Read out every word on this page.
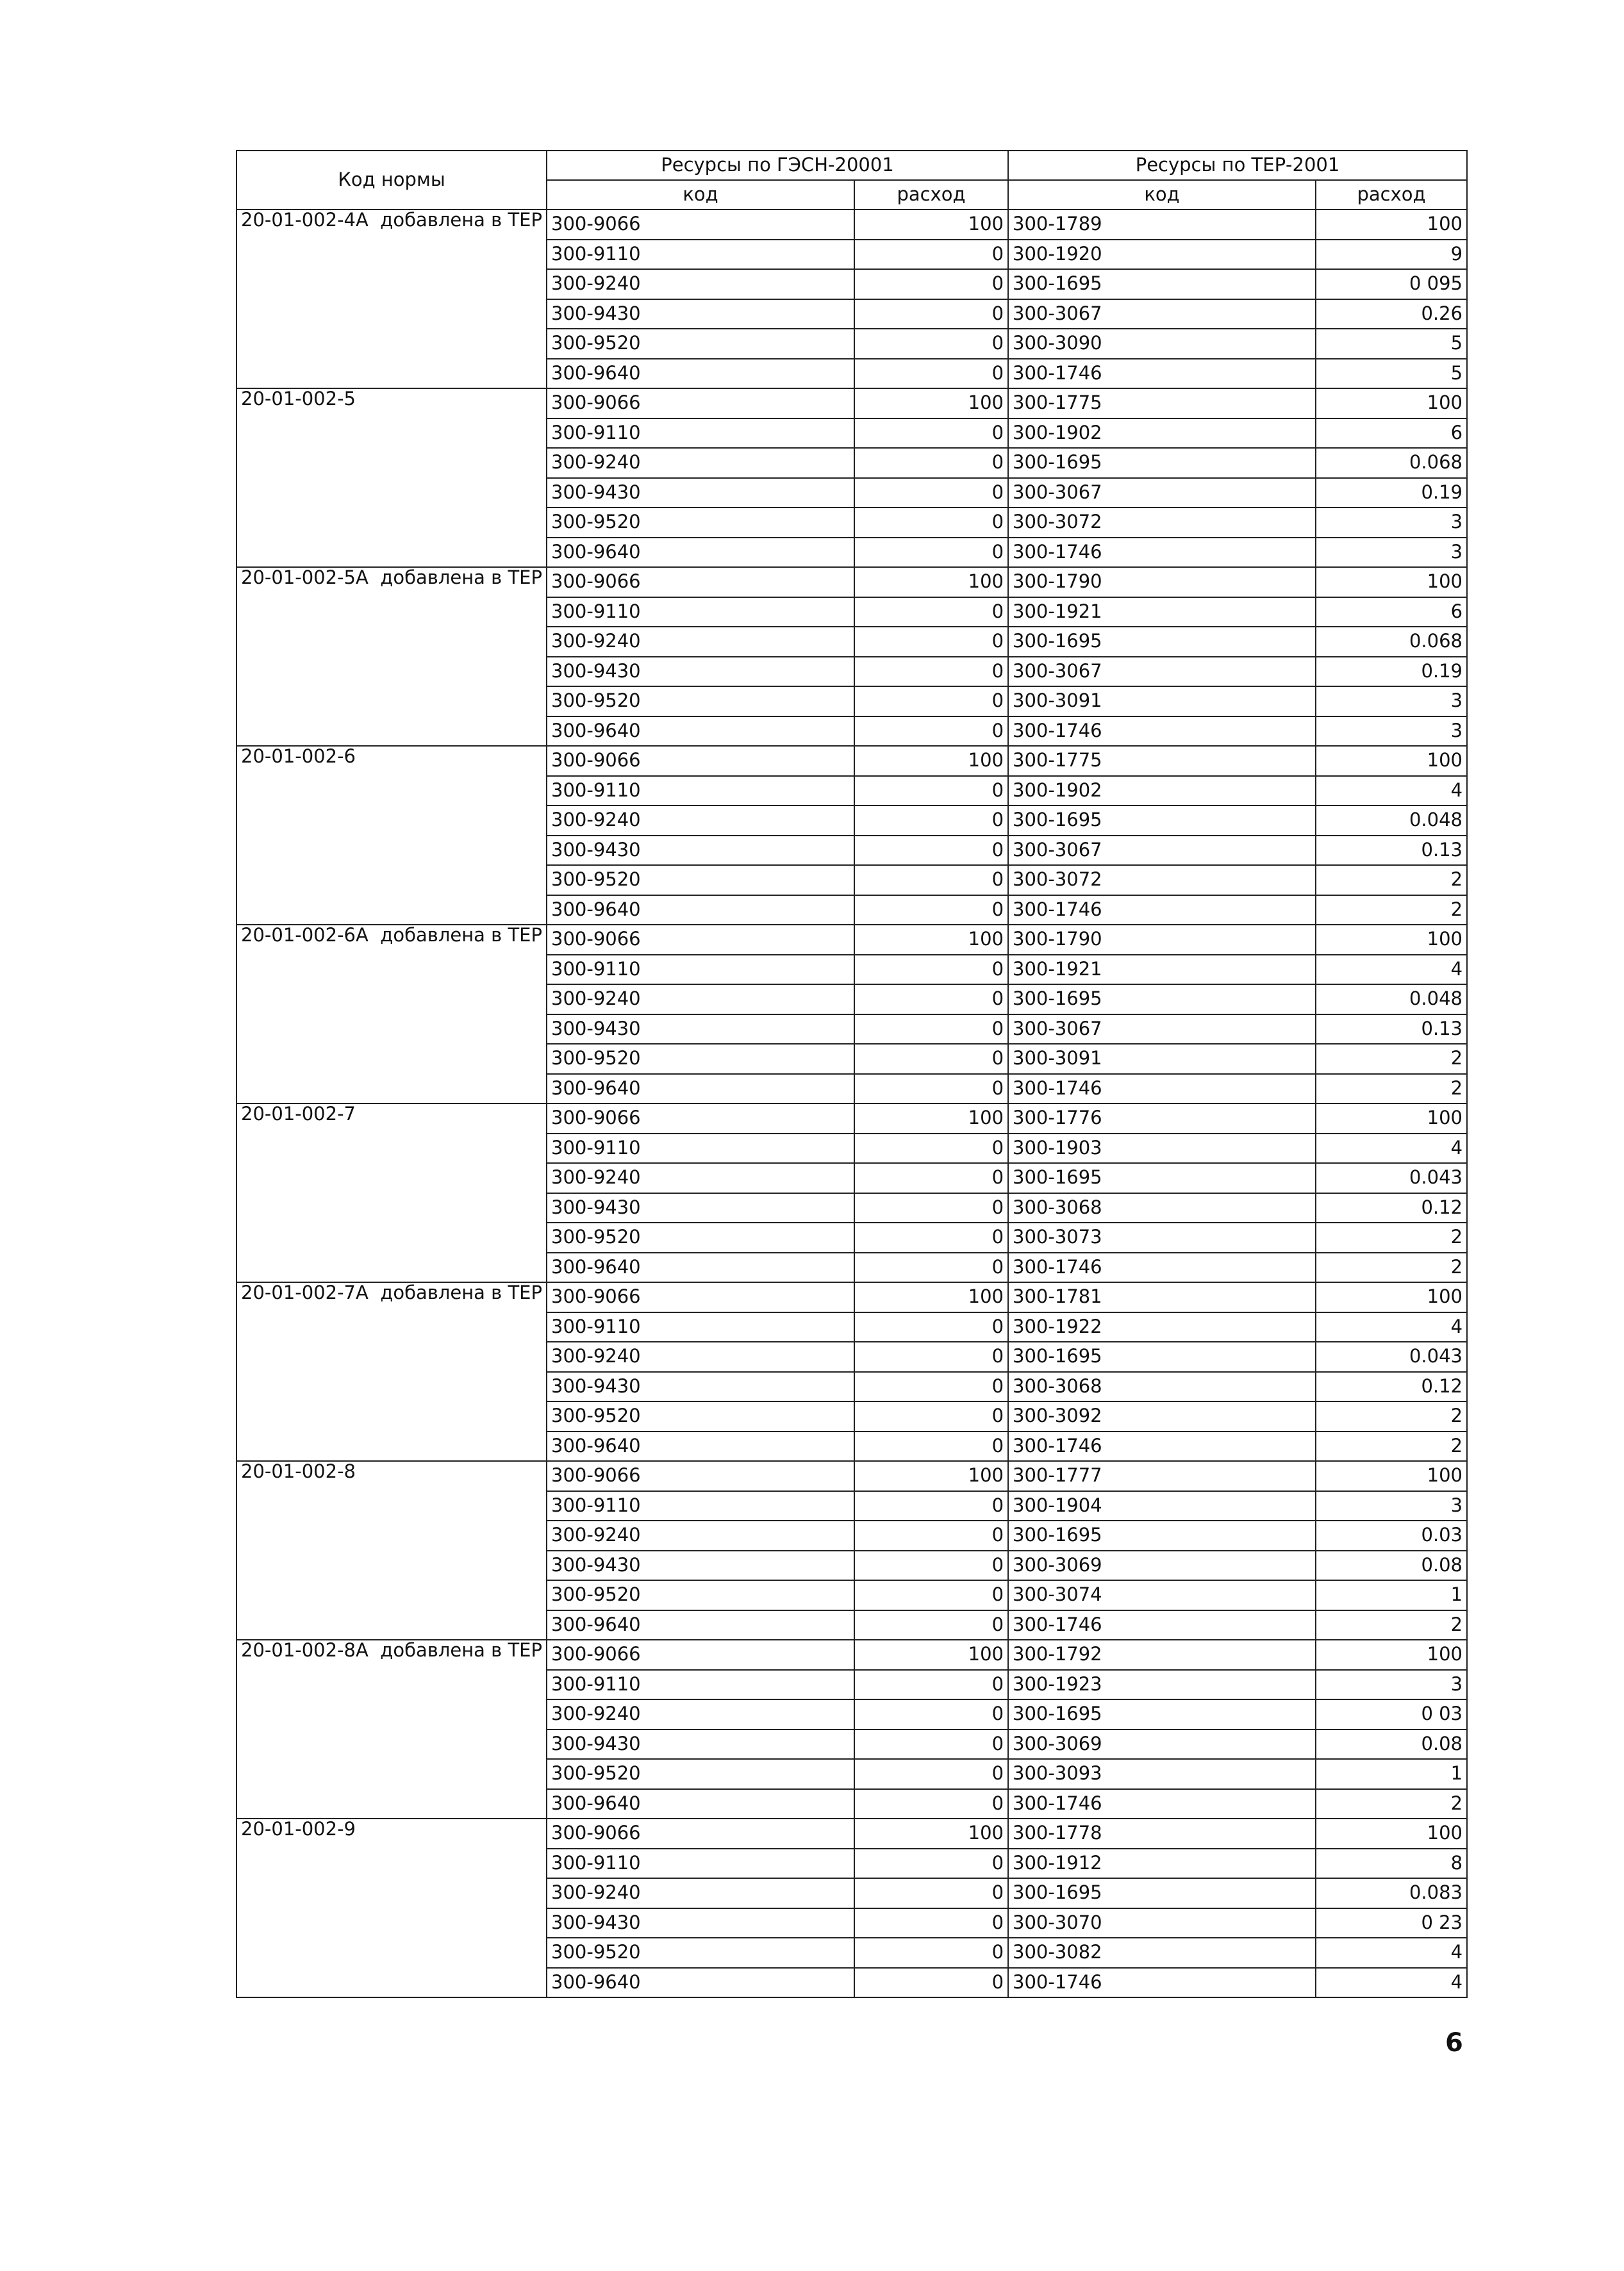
Код нормы	Ресурсы по ГЭСН-20001		Ресурсы по ТЕР-2001	
	код	расход	код	расход
20-01-002-4А добавлена в ТЕР	300-9066	100	300-1789	100
	300-9110	0	300-1920	9
	300-9240	0	300-1695	0 095
	300-9430	0	300-3067	0.26
	300-9520	0	300-3090	5
	300-9640	0	300-1746	5
20-01-002-5	300-9066	100	300-1775	100
	300-9110	0	300-1902	6
	300-9240	0	300-1695	0.068
	300-9430	0	300-3067	0.19
	300-9520	0	300-3072	3
	300-9640	0	300-1746	3
20-01-002-5А добавлена в ТЕР	300-9066	100	300-1790	100
	300-9110	0	300-1921	6
	300-9240	0	300-1695	0.068
	300-9430	0	300-3067	0.19
	300-9520	0	300-3091	3
	300-9640	0	300-1746	3
20-01-002-6	300-9066	100	300-1775	100
	300-9110	0	300-1902	4
	300-9240	0	300-1695	0.048
	300-9430	0	300-3067	0.13
	300-9520	0	300-3072	2
	300-9640	0	300-1746	2
20-01-002-6А добавлена в ТЕР	300-9066	100	300-1790	100
	300-9110	0	300-1921	4
	300-9240	0	300-1695	0.048
	300-9430	0	300-3067	0.13
	300-9520	0	300-3091	2
	300-9640	0	300-1746	2
20-01-002-7	300-9066	100	300-1776	100
	300-9110	0	300-1903	4
	300-9240	0	300-1695	0.043
	300-9430	0	300-3068	0.12
	300-9520	0	300-3073	2
	300-9640	0	300-1746	2
20-01-002-7А добавлена в ТЕР	300-9066	100	300-1781	100
	300-9110	0	300-1922	4
	300-9240	0	300-1695	0.043
	300-9430	0	300-3068	0.12
	300-9520	0	300-3092	2
	300-9640	0	300-1746	2
20-01-002-8	300-9066	100	300-1777	100
	300-9110	0	300-1904	3
	300-9240	0	300-1695	0.03
	300-9430	0	300-3069	0.08
	300-9520	0	300-3074	1
	300-9640	0	300-1746	2
20-01-002-8А добавлена в ТЕР	300-9066	100	300-1792	100
	300-9110	0	300-1923	3
	300-9240	0	300-1695	0 03
	300-9430	0	300-3069	0.08
	300-9520	0	300-3093	1
	300-9640	0	300-1746	2
20-01-002-9	300-9066	100	300-1778	100
	300-9110	0	300-1912	8
	300-9240	0	300-1695	0.083
	300-9430	0	300-3070	0 23
	300-9520	0	300-3082	4
	300-9640	0	300-1746	4
6
